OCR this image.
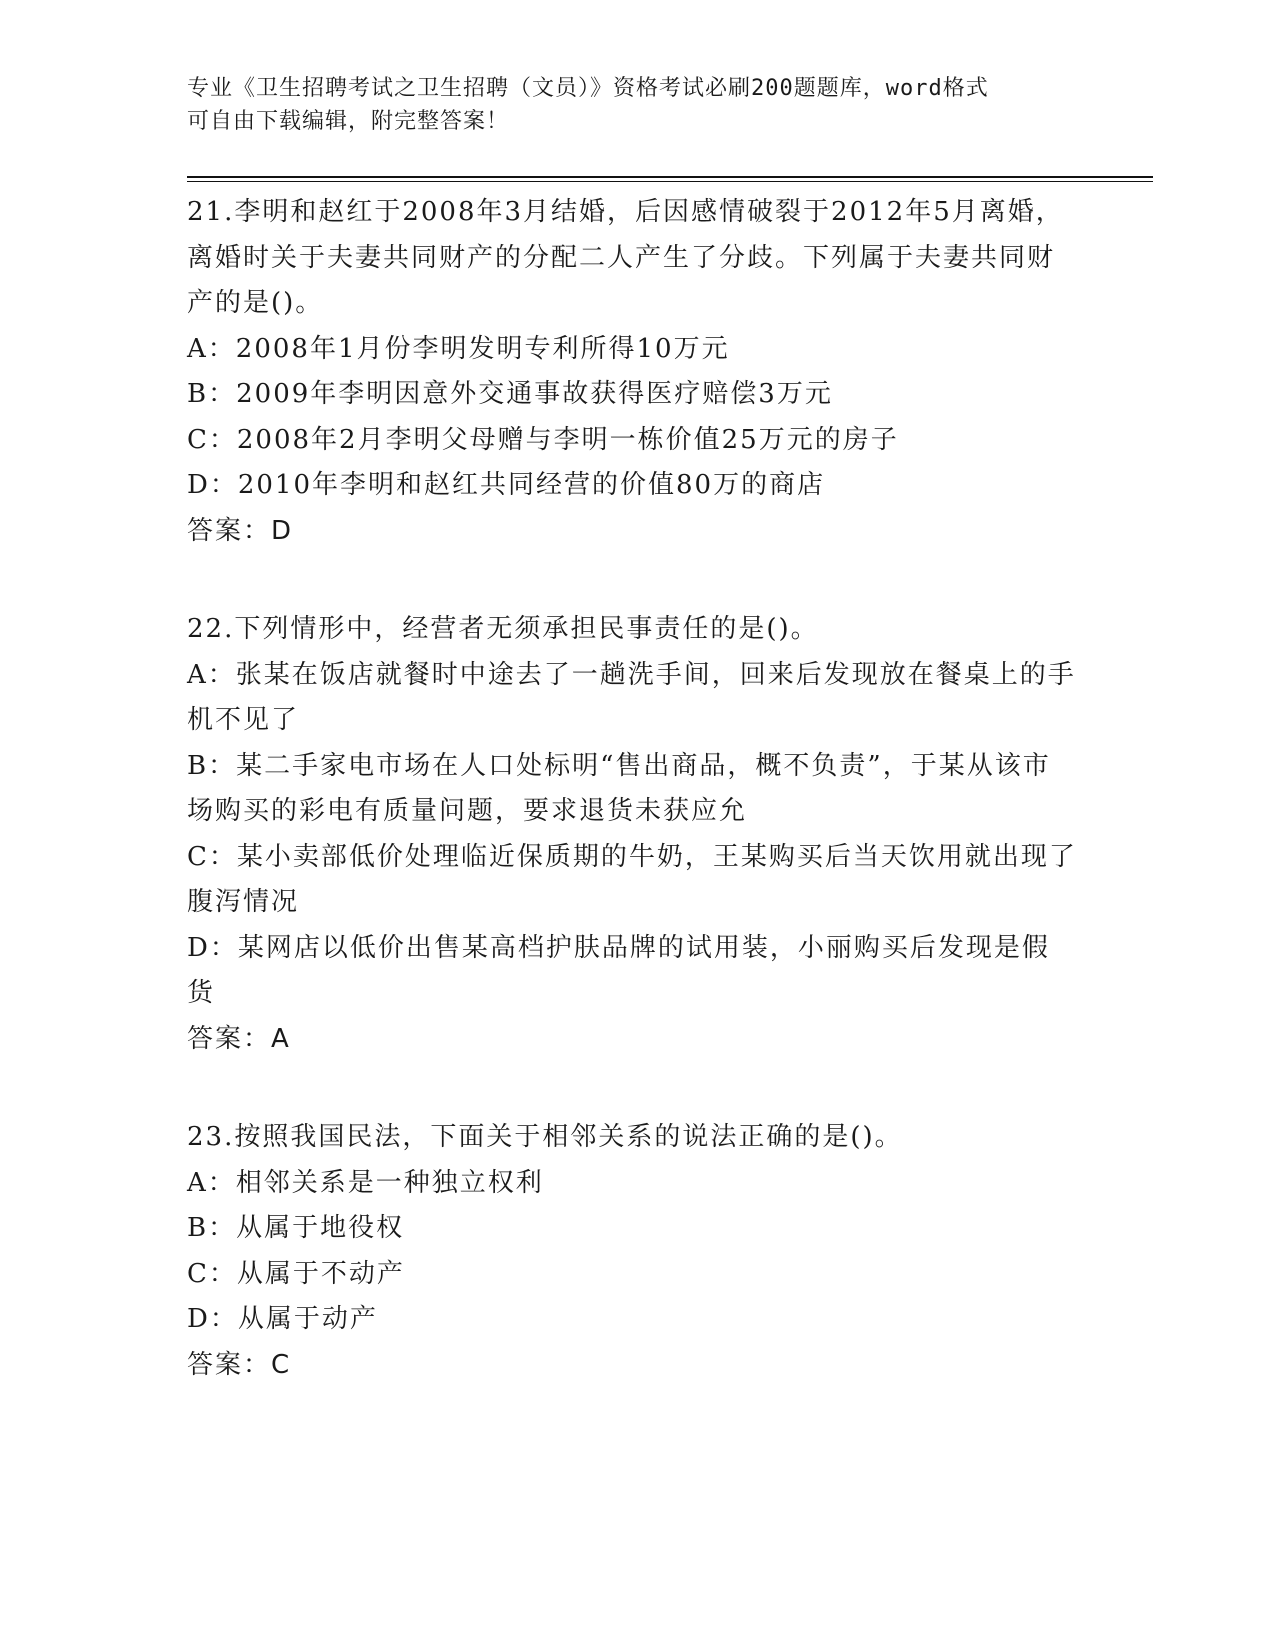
专业《卫生招聘考试之卫生招聘（文员）》资格考试必刷200题题库，word格式
可自由下载编辑，附完整答案！

21.李明和赵红于2008年3月结婚，后因感情破裂于2012年5月离婚，离婚时关于夫妻共同财产的分配二人产生了分歧。下列属于夫妻共同财产的是()。

A：2008年1月份李明发明专利所得10万元

B：2009年李明因意外交通事故获得医疗赔偿3万元

C：2008年2月李明父母赠与李明一栋价值25万元的房子

D：2010年李明和赵红共同经营的价值80万的商店

答案：D

22.下列情形中，经营者无须承担民事责任的是()。

A：张某在饭店就餐时中途去了一趟洗手间，回来后发现放在餐桌上的手机不见了

B：某二手家电市场在人口处标明“售出商品，概不负责”，于某从该市场购买的彩电有质量问题，要求退货未获应允

C：某小卖部低价处理临近保质期的牛奶，王某购买后当天饮用就出现了腹泻情况

D：某网店以低价出售某高档护肤品牌的试用装，小丽购买后发现是假货

答案：A

23.按照我国民法，下面关于相邻关系的说法正确的是()。

A：相邻关系是一种独立权利

B：从属于地役权

C：从属于不动产

D：从属于动产

答案：C
